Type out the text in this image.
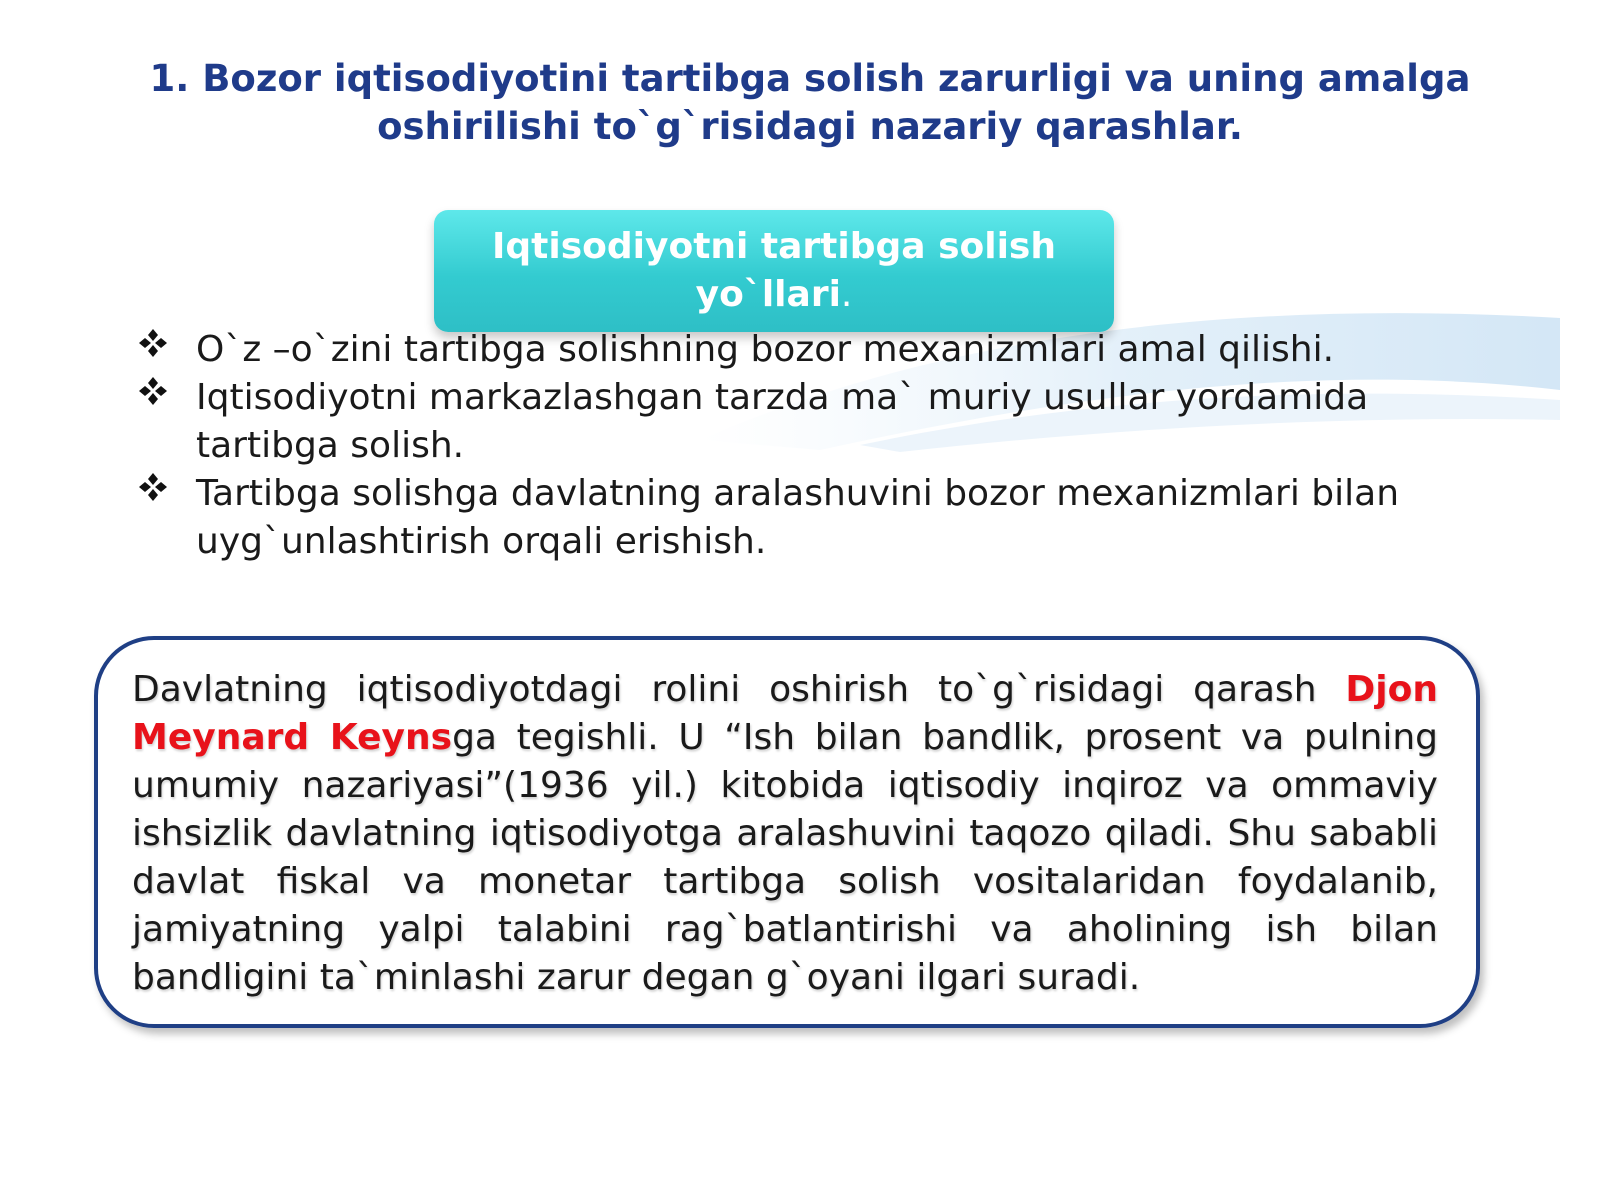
1. Bozor iqtisodiyotini tartibga solish zarurligi va uning amalga
oshirilishi to`g`risidagi nazariy qarashlar.
Iqtisodiyotni tartibga solish
yo`llari.
O`z –o`zini tartibga solishning bozor mexanizmlari amal qilishi.
Iqtisodiyotni markazlashgan tarzda ma` muriy usullar yordamida tartibga solish.
Tartibga solishga davlatning aralashuvini bozor mexanizmlari bilan uyg`unlashtirish orqali erishish.

Davlatning iqtisodiyotdagi rolini oshirish to`g`risidagi qarash Djon Meynard Keynsga tegishli. U “Ish bilan bandlik, prosent va pulning umumiy nazariyasi”(1936 yil.) kitobida iqtisodiy inqiroz va ommaviy ishsizlik davlatning iqtisodiyotga aralashuvini taqozo qiladi. Shu sababli davlat fiskal va monetar tartibga solish vositalaridan foydalanib, jamiyatning yalpi talabini rag`batlantirishi va aholining ish bilan bandligini ta`minlashi zarur degan g`oyani ilgari suradi.
